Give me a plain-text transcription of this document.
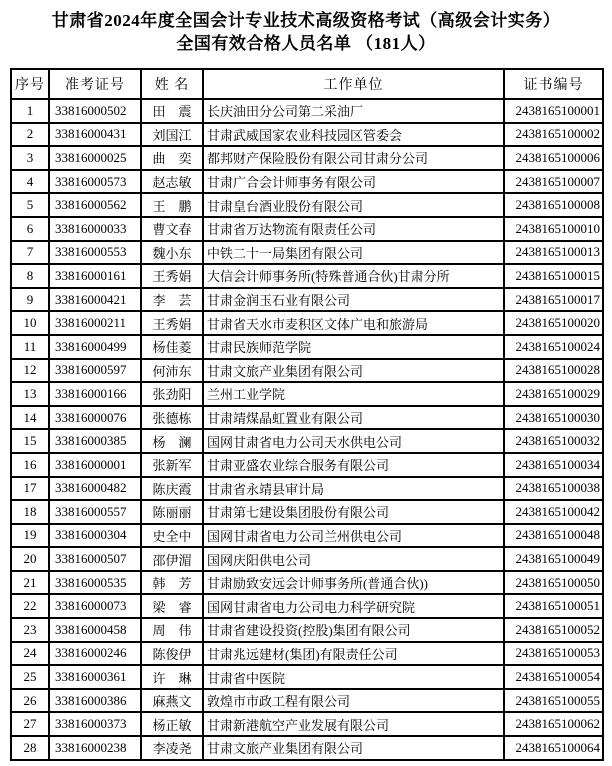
甘肃省2024年度全国会计专业技术高级资格考试（高级会计实务）
全国有效合格人员名单 （181人）
序号	准考证号	姓 名	工作单位	证书编号
1	33816000502	田　震	长庆油田分公司第二采油厂	2438165100001
2	33816000431	刘国江	甘肃武威国家农业科技园区管委会	2438165100002
3	33816000025	曲　奕	都邦财产保险股份有限公司甘肃分公司	2438165100006
4	33816000573	赵志敏	甘肃广合会计师事务有限公司	2438165100007
5	33816000562	王　鹏	甘肃皇台酒业股份有限公司	2438165100008
6	33816000033	曹文春	甘肃省万达物流有限责任公司	2438165100010
7	33816000553	魏小东	中铁二十一局集团有限公司	2438165100013
8	33816000161	王秀娟	大信会计师事务所(特殊普通合伙)甘肃分所	2438165100015
9	33816000421	李　芸	甘肃金润玉石业有限公司	2438165100017
10	33816000211	王秀娟	甘肃省天水市麦积区文体广电和旅游局	2438165100020
11	33816000499	杨佳菱	甘肃民族师范学院	2438165100024
12	33816000597	何沛东	甘肃文旅产业集团有限公司	2438165100028
13	33816000166	张劲阳	兰州工业学院	2438165100029
14	33816000076	张德栋	甘肃靖煤晶虹置业有限公司	2438165100030
15	33816000385	杨　澜	国网甘肃省电力公司天水供电公司	2438165100032
16	33816000001	张新军	甘肃亚盛农业综合服务有限公司	2438165100034
17	33816000482	陈庆霞	甘肃省永靖县审计局	2438165100038
18	33816000557	陈丽丽	甘肃第七建设集团股份有限公司	2438165100042
19	33816000304	史全中	国网甘肃省电力公司兰州供电公司	2438165100048
20	33816000507	邵伊湄	国网庆阳供电公司	2438165100049
21	33816000535	韩　芳	甘肃励致安远会计师事务所(普通合伙))	2438165100050
22	33816000073	梁　睿	国网甘肃省电力公司电力科学研究院	2438165100051
23	33816000458	周　伟	甘肃省建设投资(控股)集团有限公司	2438165100052
24	33816000246	陈俊伊	甘肃兆远建材(集团)有限责任公司	2438165100053
25	33816000361	许　琳	甘肃省中医院	2438165100054
26	33816000386	麻燕文	敦煌市市政工程有限公司	2438165100055
27	33816000373	杨正敏	甘肃新港航空产业发展有限公司	2438165100062
28	33816000238	李凌尧	甘肃文旅产业集团有限公司	2438165100064
